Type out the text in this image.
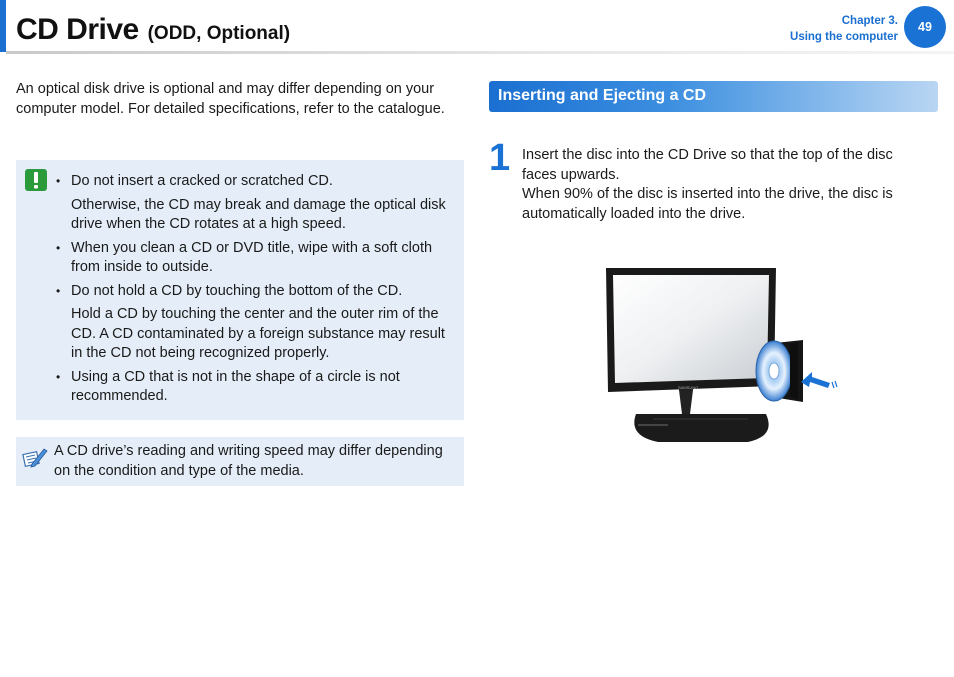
CD Drive (ODD, Optional)
Chapter 3.
Using the computer
49

An optical disk drive is optional and may differ depending on your computer model. For detailed specifications, refer to the catalogue.

• Do not insert a cracked or scratched CD.
Otherwise, the CD may break and damage the optical disk drive when the CD rotates at a high speed.
• When you clean a CD or DVD title, wipe with a soft cloth from inside to outside.
• Do not hold a CD by touching the bottom of the CD.
Hold a CD by touching the center and the outer rim of the CD. A CD contaminated by a foreign substance may result in the CD not being recognized properly.
• Using a CD that is not in the shape of a circle is not recommended.

A CD drive’s reading and writing speed may differ depending on the condition and type of the media.

Inserting and Ejecting a CD
1 Insert the disc into the CD Drive so that the top of the disc faces upwards.
When 90% of the disc is inserted into the drive, the disc is automatically loaded into the drive.
SAMSUNG
